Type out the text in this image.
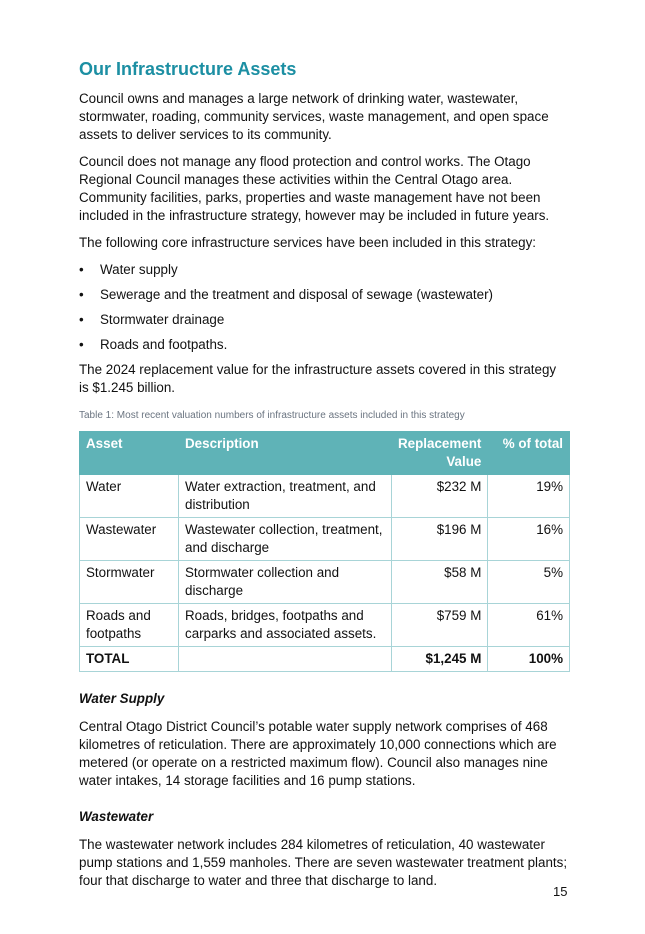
Our Infrastructure Assets

Council owns and manages a large network of drinking water, wastewater, stormwater, roading, community services, waste management, and open space assets to deliver services to its community.

Council does not manage any flood protection and control works. The Otago Regional Council manages these activities within the Central Otago area. Community facilities, parks, properties and waste management have not been included in the infrastructure strategy, however may be included in future years.

The following core infrastructure services have been included in this strategy:

• Water supply
• Sewerage and the treatment and disposal of sewage (wastewater)
• Stormwater drainage
• Roads and footpaths.

The 2024 replacement value for the infrastructure assets covered in this strategy is $1.245 billion.

Table 1: Most recent valuation numbers of infrastructure assets included in this strategy
Asset	Description	Replacement Value	% of total
Water	Water extraction, treatment, and distribution	$232 M	19%
Wastewater	Wastewater collection, treatment, and discharge	$196 M	16%
Stormwater	Stormwater collection and discharge	$58 M	5%
Roads and footpaths	Roads, bridges, footpaths and carparks and associated assets.	$759 M	61%
TOTAL		$1,245 M	100%
Water Supply

Central Otago District Council’s potable water supply network comprises of 468 kilometres of reticulation. There are approximately 10,000 connections which are metered (or operate on a restricted maximum flow). Council also manages nine water intakes, 14 storage facilities and 16 pump stations.

Wastewater

The wastewater network includes 284 kilometres of reticulation, 40 wastewater pump stations and 1,559 manholes. There are seven wastewater treatment plants; four that discharge to water and three that discharge to land.

15
